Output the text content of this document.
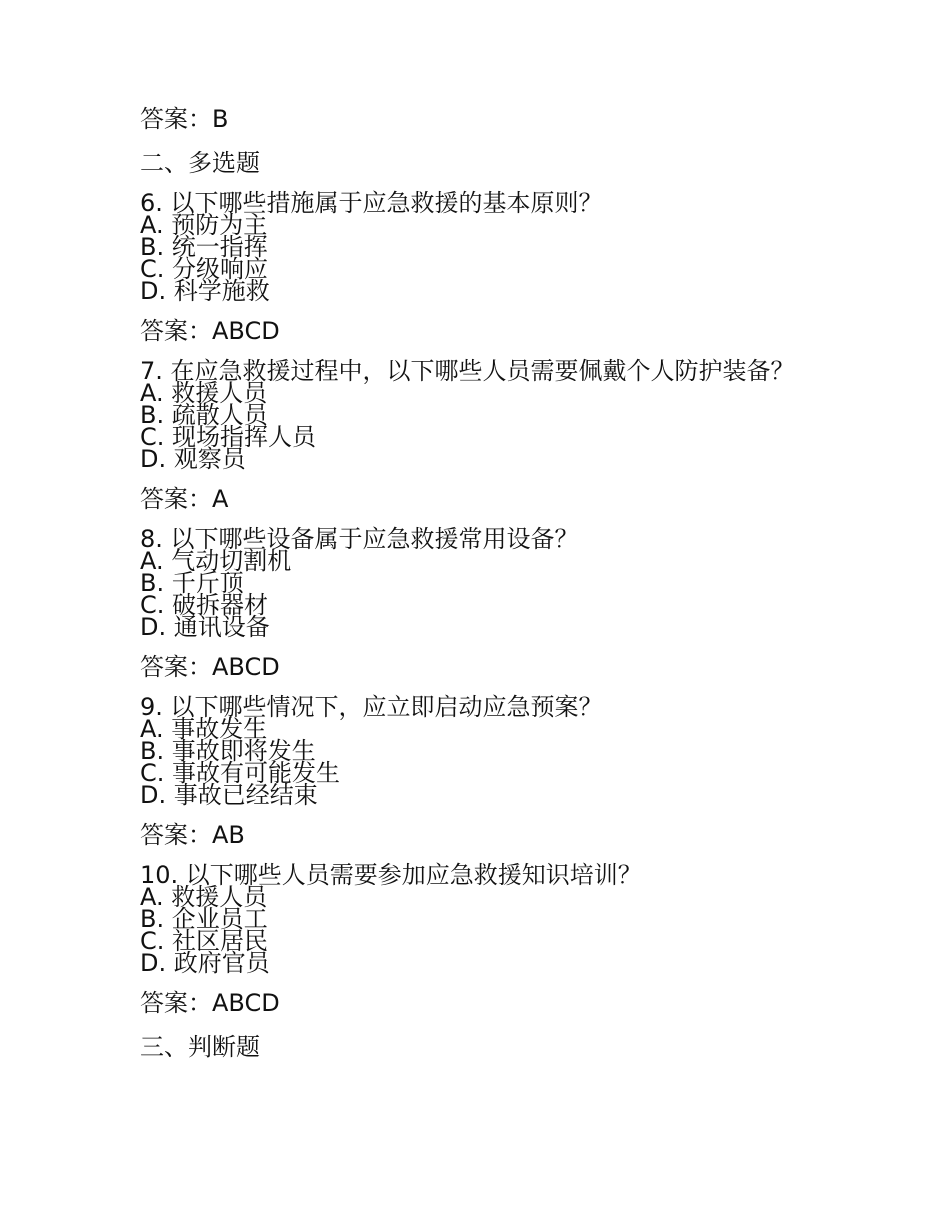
答案：B
二、多选题
6. 以下哪些措施属于应急救援的基本原则？
A. 预防为主
B. 统一指挥
C. 分级响应
D. 科学施救
答案：ABCD
7. 在应急救援过程中，以下哪些人员需要佩戴个人防护装备？
A. 救援人员
B. 疏散人员
C. 现场指挥人员
D. 观察员
答案：A
8. 以下哪些设备属于应急救援常用设备？
A. 气动切割机
B. 千斤顶
C. 破拆器材
D. 通讯设备
答案：ABCD
9. 以下哪些情况下，应立即启动应急预案？
A. 事故发生
B. 事故即将发生
C. 事故有可能发生
D. 事故已经结束
答案：AB
10. 以下哪些人员需要参加应急救援知识培训？
A. 救援人员
B. 企业员工
C. 社区居民
D. 政府官员
答案：ABCD
三、判断题
